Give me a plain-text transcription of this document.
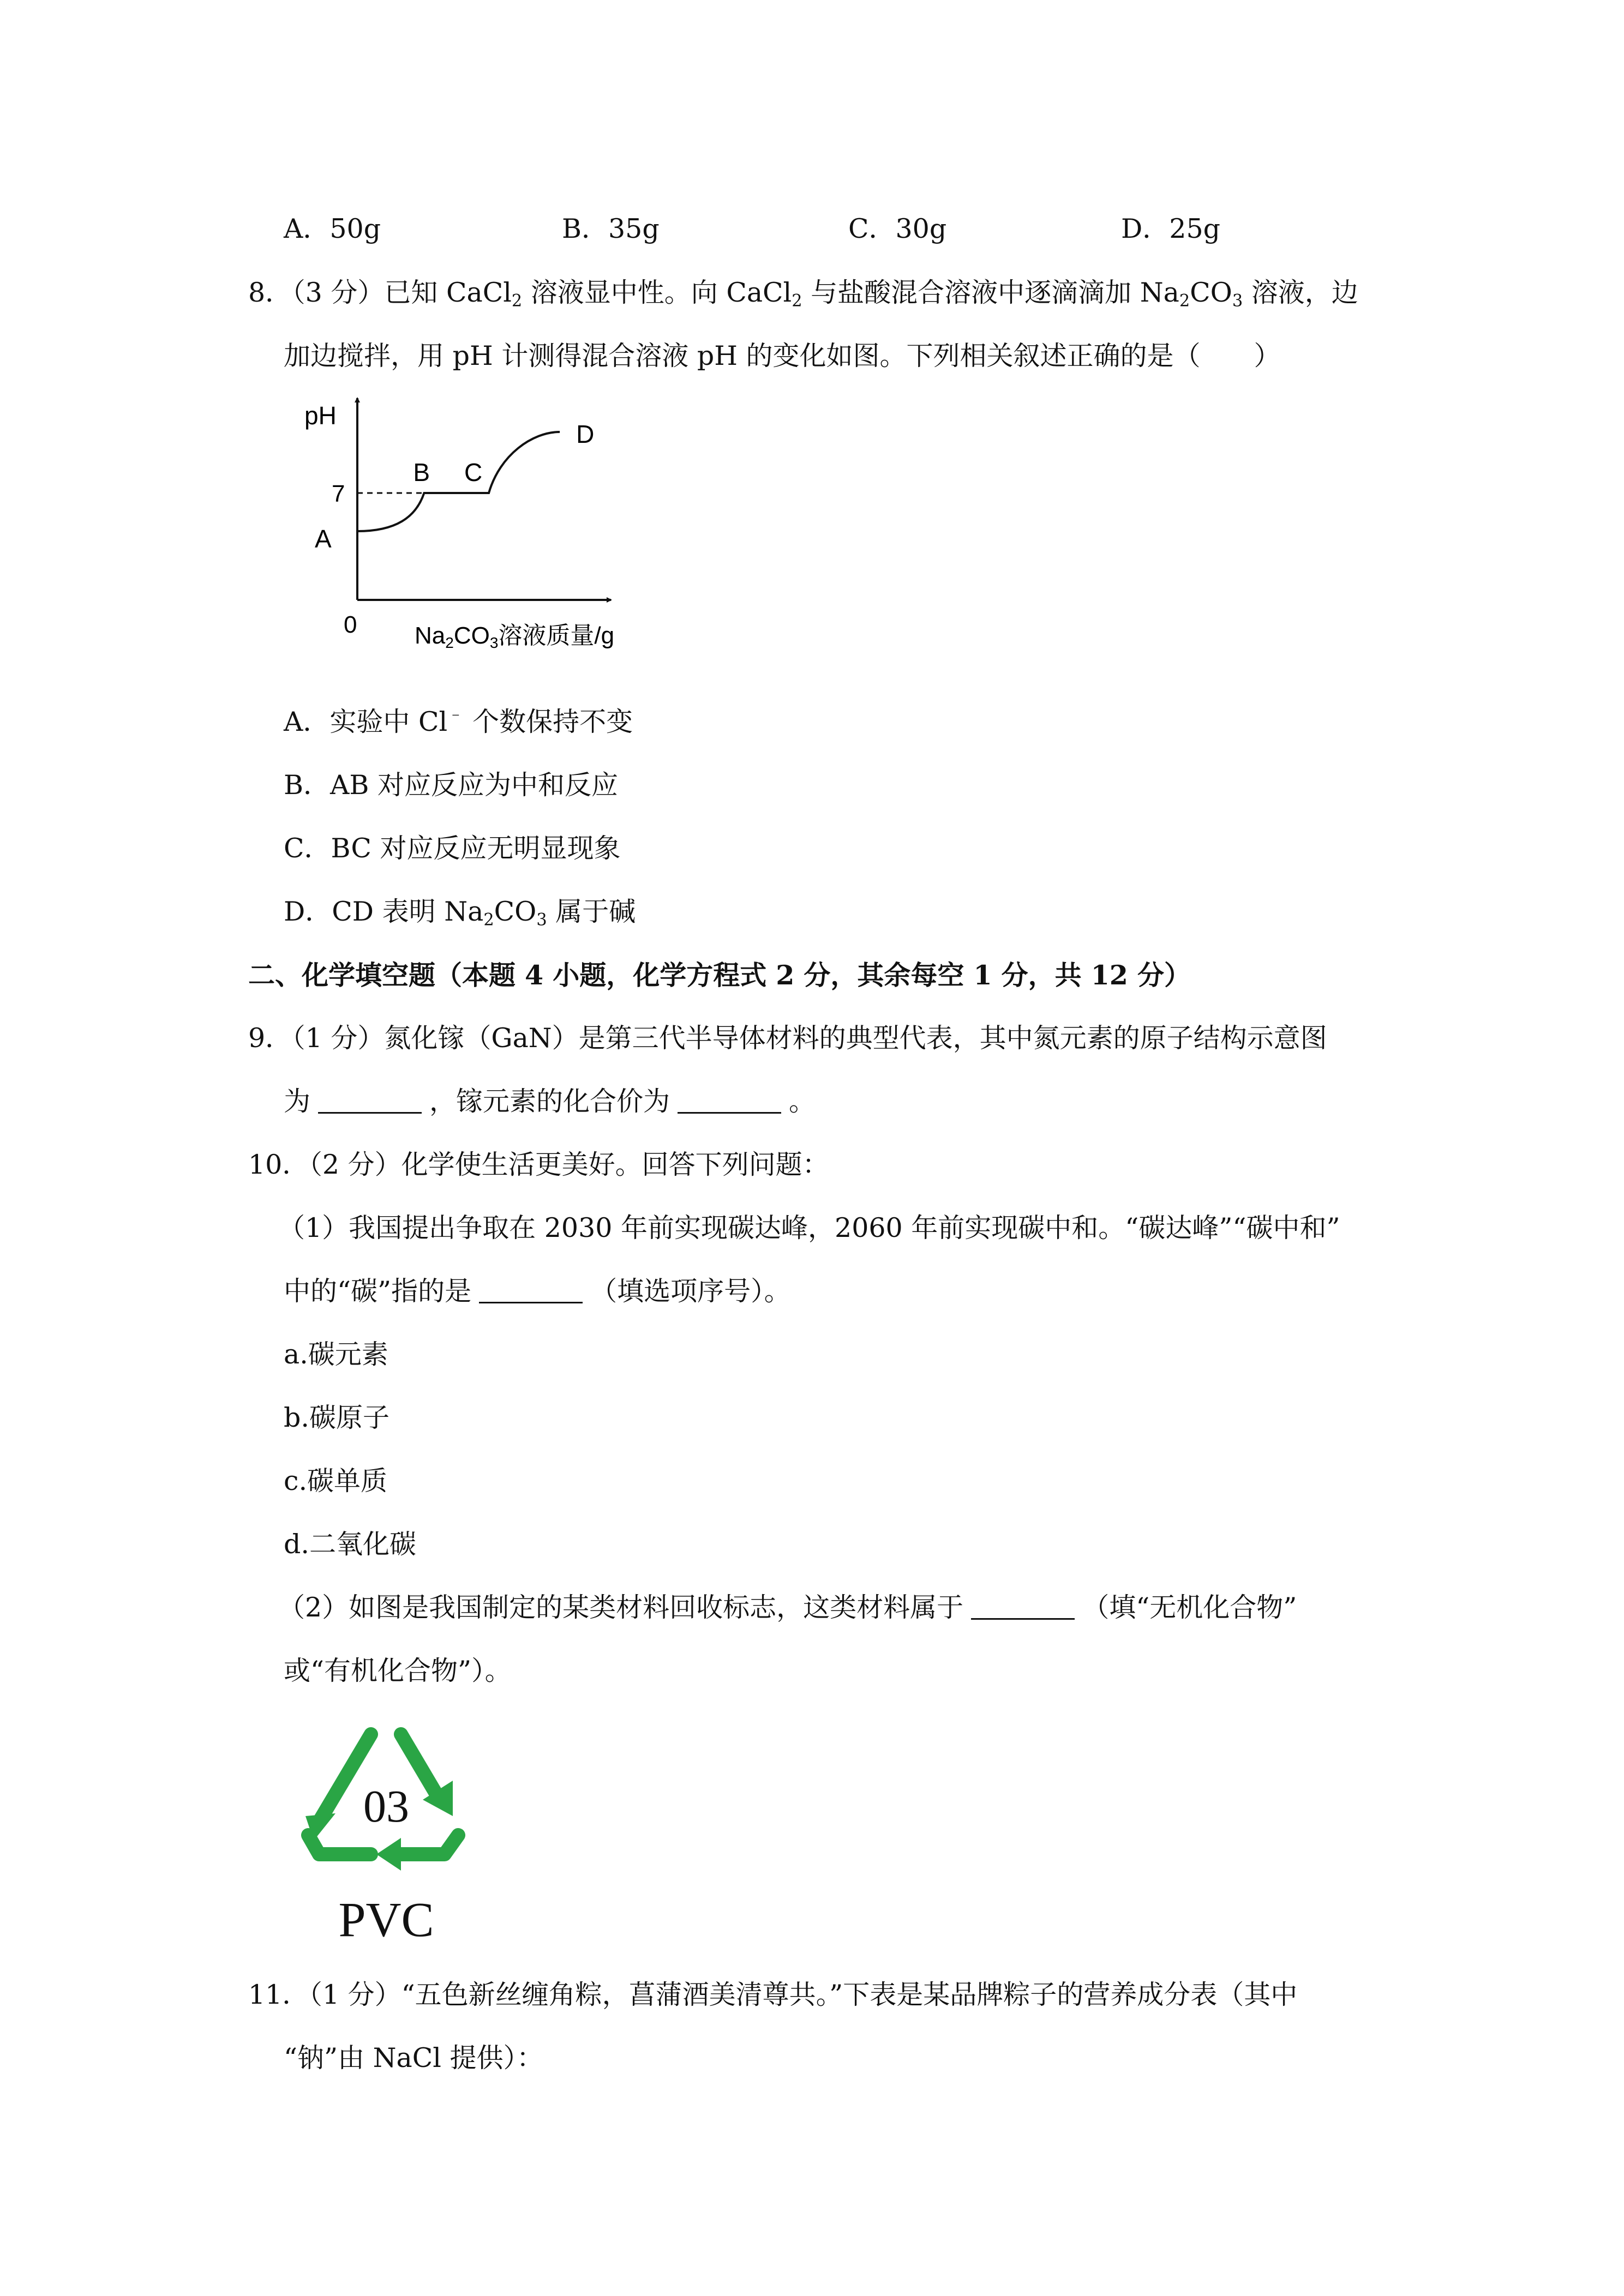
A．50g	B．35g	C．30g	D．25g
8．（3 分）已知 CaCl$_2$ 溶液显中性。向 CaCl$_2$ 与盐酸混合溶液中逐滴滴加 $Na_2CO_3$ 溶液，边
加边搅拌，用 pH 计测得混合溶液 pH 的变化如图。下列相关叙述正确的是（　　）
pH
0
7
A
B C
D
Na2CO3溶液质量/g
A．实验中 Cl﹣ 个数保持不变
B．AB 对应反应为中和反应
C．BC 对应反应无明显现象
D．CD 表明 $Na_2CO_3$ 属于碱
二、化学填空题（本题 4 小题，化学方程式 2 分，其余每空 1 分，共 12 分）
9．（1 分）氮化镓（GaN）是第三代半导体材料的典型代表，其中氮元素的原子结构示意图
为	，镓元素的化合价为	。
10．（2 分）化学使生活更美好。回答下列问题：
（1）我国提出争取在 2030 年前实现碳达峰，2060 年前实现碳中和。“碳达峰”“碳中和”
中的“碳”指的是	（填选项序号）。
a.碳元素
b.碳原子
c.碳单质
d.二氧化碳
（2）如图是我国制定的某类材料回收标志，这类材料属于	（填“无机化合物”
或“有机化合物”）。
03
PVC
11．（1 分）“五色新丝缠角粽，菖蒲酒美清尊共。”下表是某品牌粽子的营养成分表（其中
“钠”由 NaCl 提供）：
